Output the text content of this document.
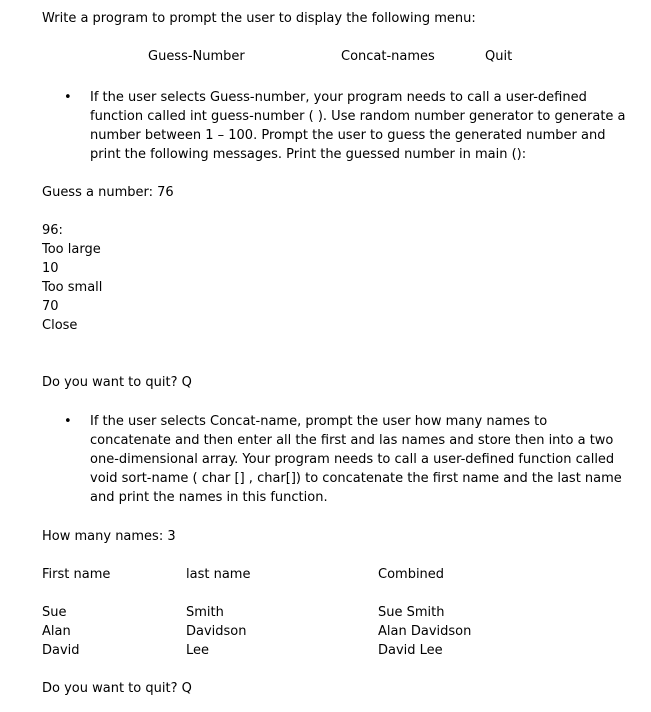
Write a program to prompt the user to display the following menu:
Guess-Number	Concat-names	Quit
• If the user selects Guess-number, your program needs to call a user-defined
function called int guess-number ( ). Use random number generator to generate a
number between 1 – 100. Prompt the user to guess the generated number and
print the following messages. Print the guessed number in main ():
Guess a number: 76
96:
Too large
10
Too small
70
Close
Do you want to quit? Q
• If the user selects Concat-name, prompt the user how many names to
concatenate and then enter all the first and las names and store then into a two
one-dimensional array. Your program needs to call a user-defined function called
void sort-name ( char [] , char[]) to concatenate the first name and the last name
and print the names in this function.
How many names: 3
First name	last name	Combined
Sue	Smith	Sue Smith
Alan	Davidson	Alan Davidson
David	Lee	David Lee
Do you want to quit? Q
